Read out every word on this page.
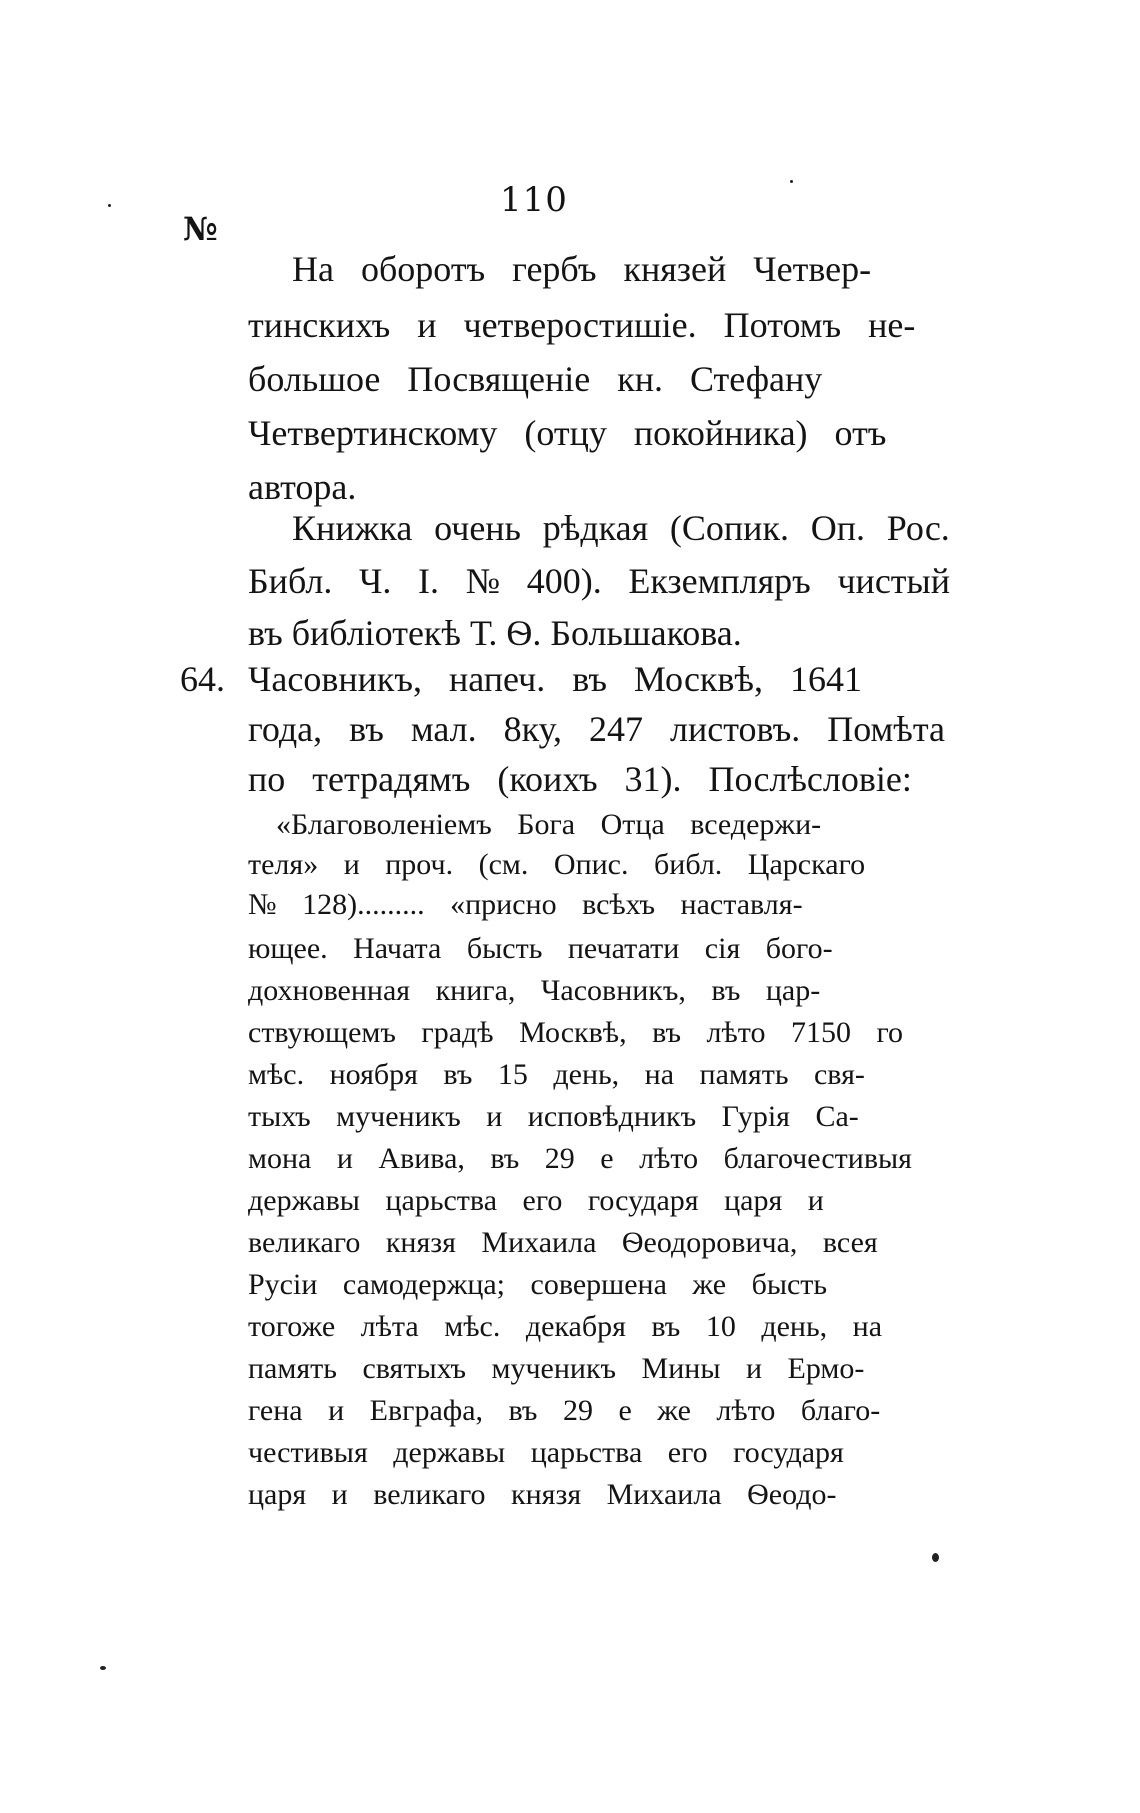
110
№
На оборотъ гербъ князей Четвер-
тинскихъ и четверостишіе. Потомъ не-
большое Посвященіе кн. Стефану
Четвертинскому (отцу покойника) отъ
автора.
Книжка очень рѣдкая (Сопик. Оп. Рос.
Библ. Ч. I. № 400). Екземпляръ чистый
въ библіотекѣ Т. Ѳ. Большакова.
64. Часовникъ, напеч. въ Москвѣ, 1641
года, въ мал. 8ку, 247 листовъ. Помѣта
по тетрадямъ (коихъ 31). Послѣсловіе:
«Благоволеніемъ Бога Отца вседержи-
теля» и проч. (см. Опис. библ. Царскаго
№ 128)......... «присно всѣхъ наставля-
ющее. Начата бысть печатати сія бого-
дохновенная книга, Часовникъ, въ цар-
ствующемъ градѣ Москвѣ, въ лѣто 7150 го
мѣс. ноября въ 15 день, на память свя-
тыхъ мученикъ и исповѣдникъ Гурія Са-
мона и Авива, въ 29 е лѣто благочестивыя
державы царьства его государя царя и
великаго князя Михаила Ѳеодоровича, всея
Русіи самодержца; совершена же бысть
тогоже лѣта мѣс. декабря въ 10 день, на
память святыхъ мученикъ Мины и Ермо-
гена и Евграфа, въ 29 е же лѣто благо-
честивыя державы царьства его государя
царя и великаго князя Михаила Ѳеодо-
